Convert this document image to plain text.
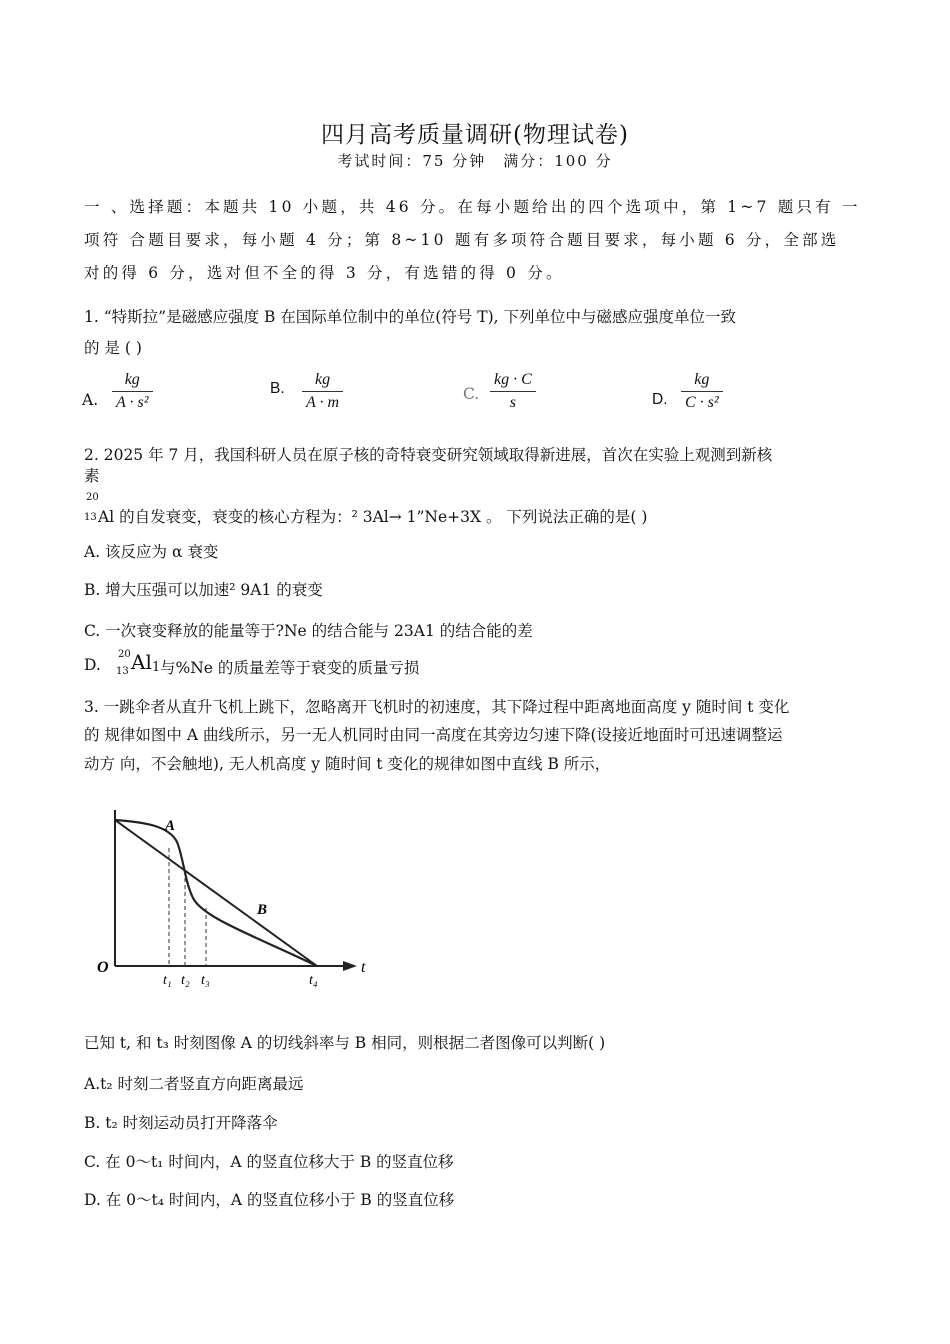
四月高考质量调研(物理试卷)
考试时间：75 分钟　满分：100 分
一 、选择题：本题共 10 小题，共 46 分。在每小题给出的四个选项中，第 1~7 题只有 一
项符 合题目要求，每小题 4 分；第 8~10 题有多项符合题目要求，每小题 6 分，全部选
对的得 6 分，选对但不全的得 3 分，有选错的得 0 分。
1. “特斯拉”是磁感应强度 B 在国际单位制中的单位(符号 T), 下列单位中与磁感应强度单位一致
的 是 ( )
A.
kg
A · s²
B.
kg
A · m	C.
kg · C
s	D.
kg
C · s²
2. 2025 年 7 月，我国科研人员在原子核的奇特衰变研究领域取得新进展，首次在实验上观测到新核
素
20
13 Al 的自发衰变，衰变的核心方程为：² 3Al→ 1”Ne+3X 。 下列说法正确的是( )
A. 该反应为 α 衰变
B. 增大压强可以加速² 9A1 的衰变
C. 一次衰变释放的能量等于?Ne 的结合能与 23A1 的结合能的差
D.
20
13 Al 1 与%Ne 的质量差等于衰变的质量亏损
3. 一跳伞者从直升飞机上跳下，忽略离开飞机时的初速度，其下降过程中距离地面高度 y 随时间 t 变化
的 规律如图中 A 曲线所示，另一无人机同时由同一高度在其旁边匀速下降(设接近地面时可迅速调整运
动方 向，不会触地), 无人机高度 y 随时间 t 变化的规律如图中直线 B 所示，
O	t
A
B
t₁ t₂ t₃	t₄
已知 t, 和 t₃ 时刻图像 A 的切线斜率与 B 相同，则根据二者图像可以判断( )
A.t₂ 时刻二者竖直方向距离最远
B. t₂ 时刻运动员打开降落伞
C. 在 0～t₁ 时间内，A 的竖直位移大于 B 的竖直位移
D. 在 0～t₄ 时间内，A 的竖直位移小于 B 的竖直位移
